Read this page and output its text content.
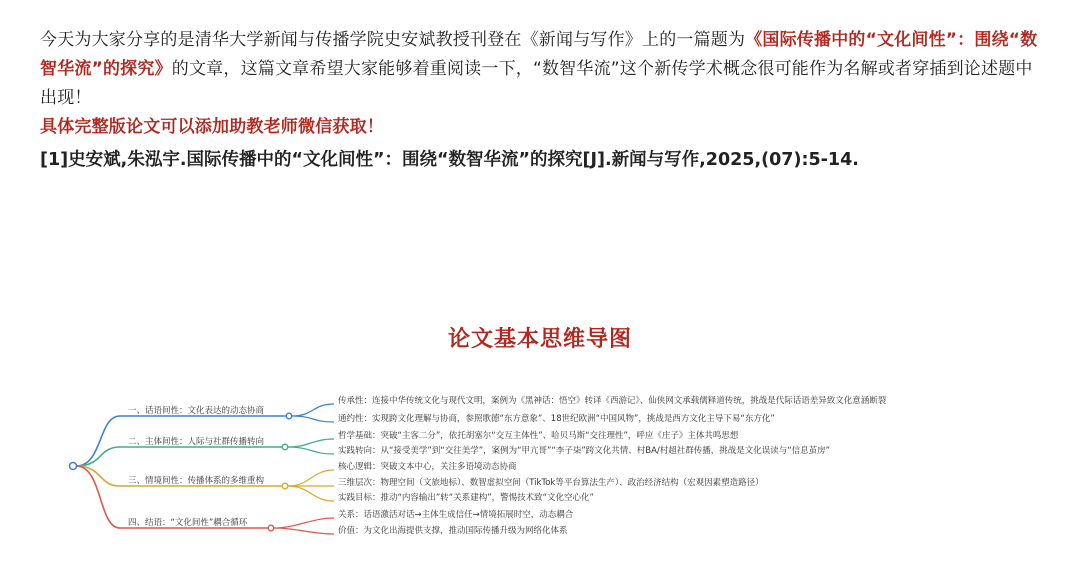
今天为大家分享的是清华大学新闻与传播学院史安斌教授刊登在《新闻与写作》上的一篇题为《国际传播中的“文化间性”：围绕“数智华流”的探究》的文章，这篇文章希望大家能够着重阅读一下，“数智华流”这个新传学术概念很可能作为名解或者穿插到论述题中出现！

具体完整版论文可以添加助教老师微信获取！

[1]史安斌,朱泓宇.国际传播中的“文化间性”：围绕“数智华流”的探究[J].新闻与写作,2025,(07):5-14.

论文基本思维导图
一、话语间性：文化表达的动态协商
传承性：连接中华传统文化与现代文明，案例为《黑神话：悟空》转译《西游记》、仙侠网文承载儒释道传统，挑战是代际话语差异致文化意涵断裂
通约性：实现跨文化理解与协商，参照歌德“东方意象”、18世纪欧洲“中国风物”，挑战是西方文化主导下易“东方化”
二、主体间性：人际与社群传播转向
哲学基础：突破“主客二分”，依托胡塞尔“交互主体性”、哈贝马斯“交往理性”，呼应《庄子》主体共鸣思想
实践转向：从“接受美学”到“交往美学”，案例为“甲亢哥”“李子柒”跨文化共情、村BA/村超社群传播，挑战是文化误读与“信息茧房”
三、情境间性：传播体系的多维重构
核心逻辑：突破文本中心，关注多语境动态协商
三维层次：物理空间（文旅地标）、数智虚拟空间（TikTok等平台算法生产）、政治经济结构（宏观因素塑造路径）
实践目标：推动“内容输出”转“关系建构”，警惕技术致“文化空心化”
四、结语：“文化间性”耦合循环
关系：话语激活对话→主体生成信任→情境拓展时空，动态耦合
价值：为文化出海提供支撑，推动国际传播升级为网络化体系
